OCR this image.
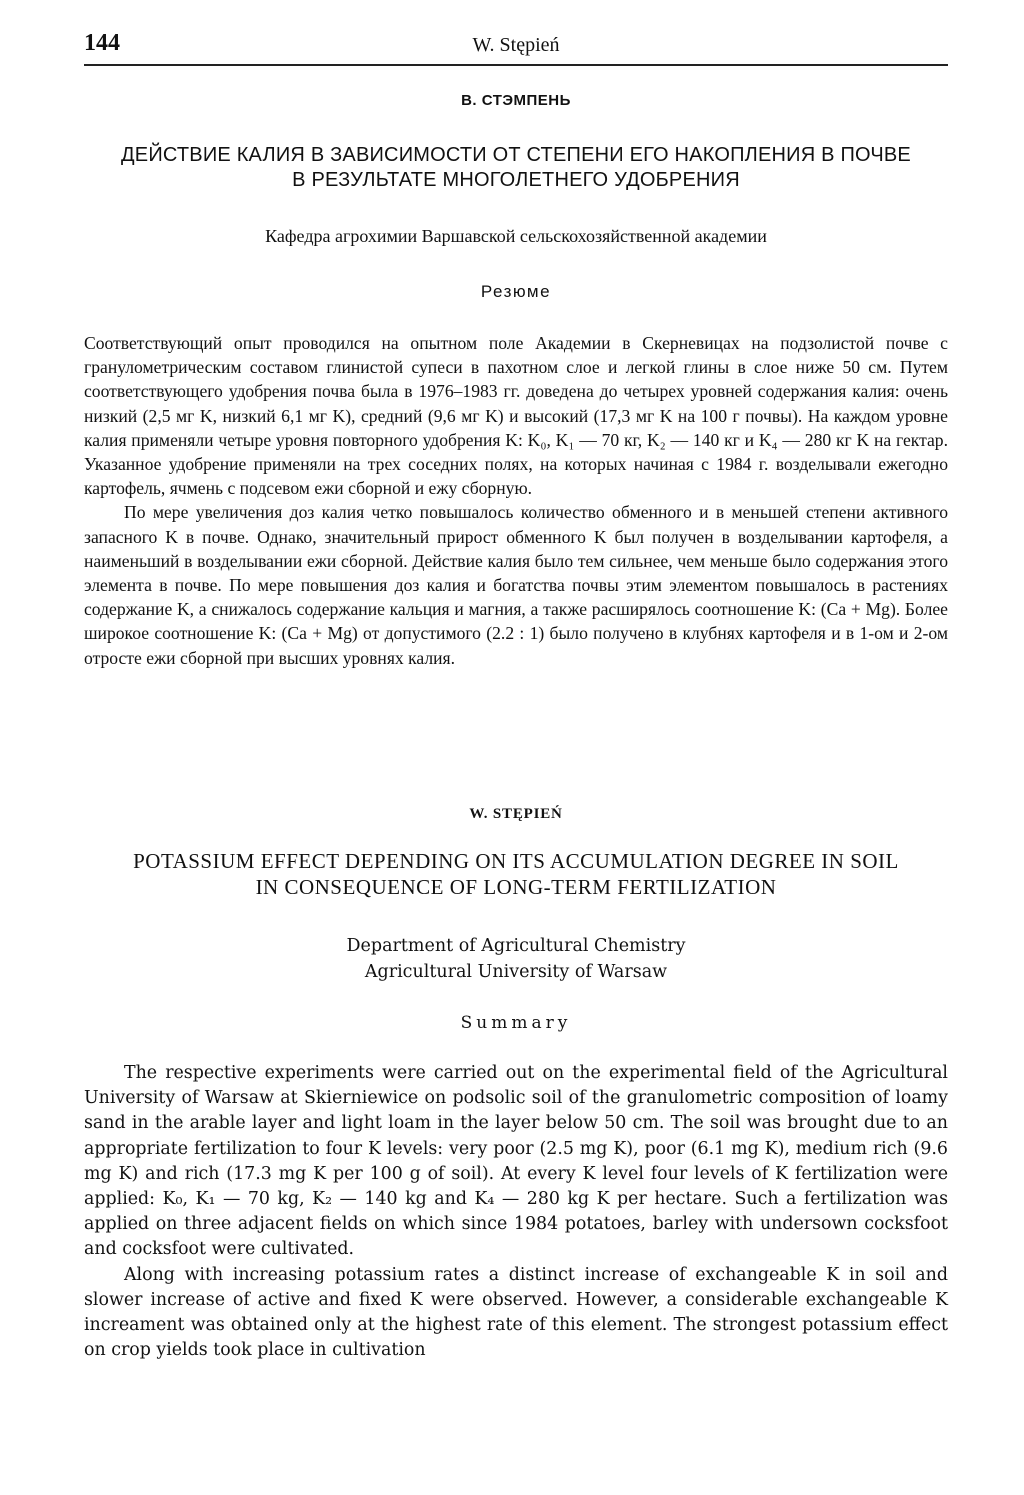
144	W. Stępień
В. СТЭМПЕНЬ
ДЕЙСТВИЕ КАЛИЯ В ЗАВИСИМОСТИ ОТ СТЕПЕНИ ЕГО НАКОПЛЕНИЯ В ПОЧВЕ
В РЕЗУЛЬТАТЕ МНОГОЛЕТНЕГО УДОБРЕНИЯ
Кафедра агрохимии Варшавской сельскохозяйственной академии
Резюме

Соответствующий опыт проводился на опытном поле Академии в Скерневицах на подзолистой почве с гранулометрическим составом глинистой супеси в пахотном слое и легкой глины в слое ниже 50 см. Путем соответствующего удобрения почва была в 1976–1983 гг. доведена до четырех уровней содержания калия: очень низкий (2,5 мг K, низкий 6,1 мг K), средний (9,6 мг K) и высокий (17,3 мг K на 100 г почвы). На каждом уровне калия применяли четыре уровня повторного удобрения K: K₀, K₁ — 70 кг, K₂ — 140 кг и K₄ — 280 кг K на гектар. Указанное удобрение применяли на трех соседних полях, на которых начиная с 1984 г. возделывали ежегодно картофель, ячмень с подсевом ежи сборной и ежу сборную.

По мере увеличения доз калия четко повышалось количество обменного и в меньшей степени активного запасного K в почве. Однако, значительный прирост обменного K был получен в возделывании картофеля, а наименьший в возделывании ежи сборной. Действие калия было тем сильнее, чем меньше было содержания этого элемента в почве. По мере повышения доз калия и богатства почвы этим элементом повышалось в растениях содержание K, а снижалось содержание кальция и магния, а также расширялось соотношение K: (Ca + Mg). Более широкое соотношение K: (Ca + Mg) от допустимого (2.2 : 1) было получено в клубнях картофеля и в 1-ом и 2-ом отросте ежи сборной при высших уровнях калия.

W. STĘPIEŃ
POTASSIUM EFFECT DEPENDING ON ITS ACCUMULATION DEGREE IN SOIL
IN CONSEQUENCE OF LONG-TERM FERTILIZATION
Department of Agricultural Chemistry
Agricultural University of Warsaw
Summary

The respective experiments were carried out on the experimental field of the Agricultural University of Warsaw at Skierniewice on podsolic soil of the granulometric composition of loamy sand in the arable layer and light loam in the layer below 50 cm. The soil was brought due to an appropriate fertilization to four K levels: very poor (2.5 mg K), poor (6.1 mg K), medium rich (9.6 mg K) and rich (17.3 mg K per 100 g of soil). At every K level four levels of K fertilization were applied: K₀, K₁ — 70 kg, K₂ — 140 kg and K₄ — 280 kg K per hectare. Such a fertilization was applied on three adjacent fields on which since 1984 potatoes, barley with undersown cocksfoot and cocksfoot were cultivated.

Along with increasing potassium rates a distinct increase of exchangeable K in soil and slower increase of active and fixed K were observed. However, a considerable exchangeable K increament was obtained only at the highest rate of this element. The strongest potassium effect on crop yields took place in cultivation
